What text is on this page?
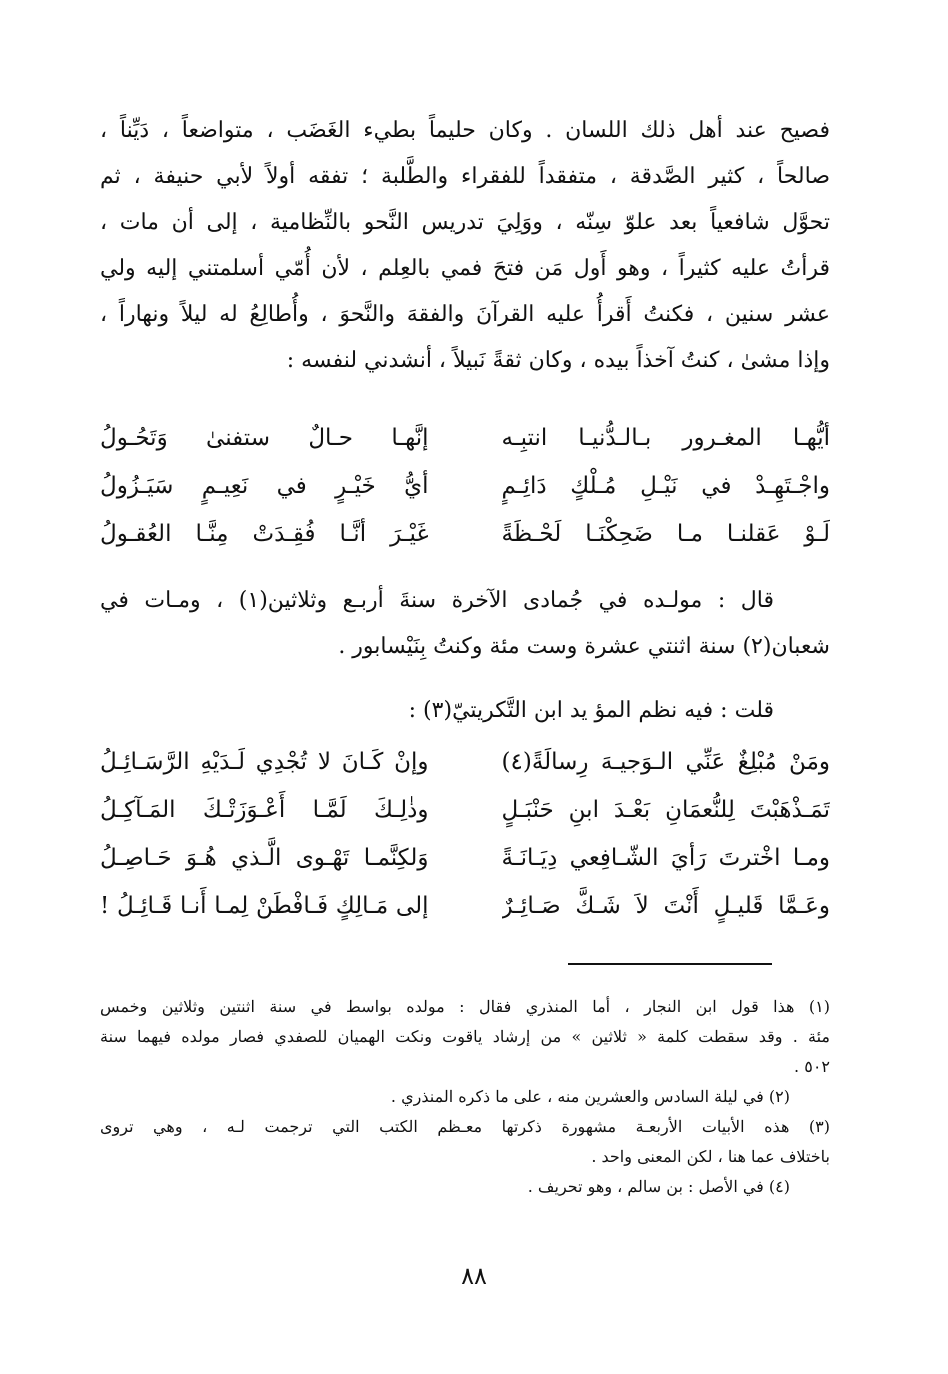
فصيح عند أهل ذلك اللسان . وكان حليماً بطيء الغَضَب ، متواضعاً ، دَيِّناً ،
صالحاً ، كثير الصَّدقة ، متفقداً للفقراء والطَّلبة ؛ تفقه أولاً لأبي حنيفة ، ثم
تحوَّل شافعياً بعد علوّ سِنّه ، ووَلِيَ تدريس النَّحو بالنِّظامية ، إلى أن مات ،
قرأتُ عليه كثيراً ، وهو أَول مَن فتحَ فمي بالعِلم ، لأن أُمّي أسلمتني إليه ولي
عشر سنين ، فكنتُ أَقرأُ عليه القرآنَ والفقهَ والنَّحوَ ، وأُطالِعُ له ليلاً ونهاراً ،
وإذا مشىٰ ، كنتُ آخذاً بيده ، وكان ثقةً نَبيلاً ، أنشدني لنفسه :
أيُّهـا المغـرور بـالـدُّنيـا انتبِـه
إنَّهـا حـالٌ ستفنىٰ وَتَحُـولُ
واجْـتَهِـدْ في نَيْـلِ مُـلْكٍ دَائِـمٍ
أيُّ خَيْـرٍ في نَعِيـمٍ سَيَـزُولُ
لَـوْ عَقلنـا مـا ضَحِكْنَـا لَحْـظَةً
غَيْـرَ أنَّـا فُقِـدَتْ مِنَّـا العُقـولُ
قال : مولـده في جُمادى الآخرة سنةَ أربـع وثلاثين(١) ، ومـات في
شعبان(٢) سنة اثنتي عشرة وست مئة وكنتُ بِنَيْسابور .
قلت : فيه نظم المؤ يد ابن التَّكريتيّ(٣) :
ومَنْ مُبْلِغٌ عَنِّي الـوَجيـهَ رِسالَةً(٤)
وإنْ كَـانَ لا تُجْدِي لَـدَيْهِ الرَّسَـائِـلُ
تَمَـذْهَبْتَ لِلنُّعمَانِ بَعْـدَ ابنِ حَنْبَـلٍ
وذٰلِـكَ لَمَّـا أَعْـوَزَتْـكَ المَـآكِـلُ
ومـا اخْترتَ رَأيَ الشّـافِعي دِيَـانَـةً
وَلكِنَّمـا تَهْـوى الَّـذي هُـوَ حَـاصِـلُ
وعَـمَّا قَليـلٍ أَنْتَ لاَ شَـكَّ صَـائِـرٌ
إلى مَـالِكٍ فَـافْطَنْ لِمـا أَنـا قَـائِـلُ !
(١) هذا قول ابن النجار ، أما المنذري فقال : مولده بواسط في سنة اثنتين وثلاثين وخمس
مئة . وقد سقطت كلمة « ثلاثين » من إرشاد ياقوت ونكت الهميان للصفدي فصار مولده فيهما سنة
٥٠٢ .
(٢) في ليلة السادس والعشرين منه ، على ما ذكره المنذري .
(٣) هذه الأبيات الأربعـة مشهورة ذكرتها معـظم الكتب التي ترجمت لـه ، وهي تروى
باختلاف عما هنا ، لكن المعنى واحد .
(٤) في الأصل : بن سالم ، وهو تحريف .
٨٨
